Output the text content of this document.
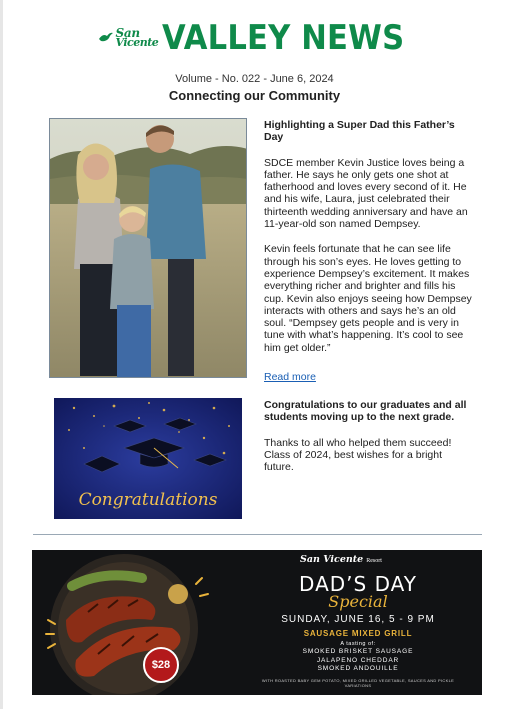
San
Vicente VALLEY NEWS
Volume - No. 022 - June 6, 2024
Connecting our Community
Highlighting a Super Dad this Father’s Day

SDCE member Kevin Justice loves being a father. He says he only gets one shot at fatherhood and loves every second of it. He and his wife, Laura, just celebrated their thirteenth wedding anniversary and have an 11-year-old son named Dempsey.

Kevin feels fortunate that he can see life through his son’s eyes. He loves getting to experience Dempsey’s excitement. It makes everything richer and brighter and fills his cup. Kevin also enjoys seeing how Dempsey interacts with others and says he’s an old soul. “Dempsey gets people and is very in tune with what’s happening. It’s cool to see him get older.”

Read more
Congratulations
Congratulations to our graduates and all students moving up to the next grade.

Thanks to all who helped them succeed! Class of 2024, best wishes for a bright future.

$28
San Vicente Resort
DAD’S DAY
Special
SUNDAY, JUNE 16, 5 - 9 PM
SAUSAGE MIXED GRILL
A tasting of:
SMOKED BRISKET SAUSAGE
JALAPENO CHEDDAR
SMOKED ANDOUILLE
WITH ROASTED BABY GEM POTATO, MIXED GRILLED VEGETABLE, SAUCES AND PICKLE VARIATIONS
